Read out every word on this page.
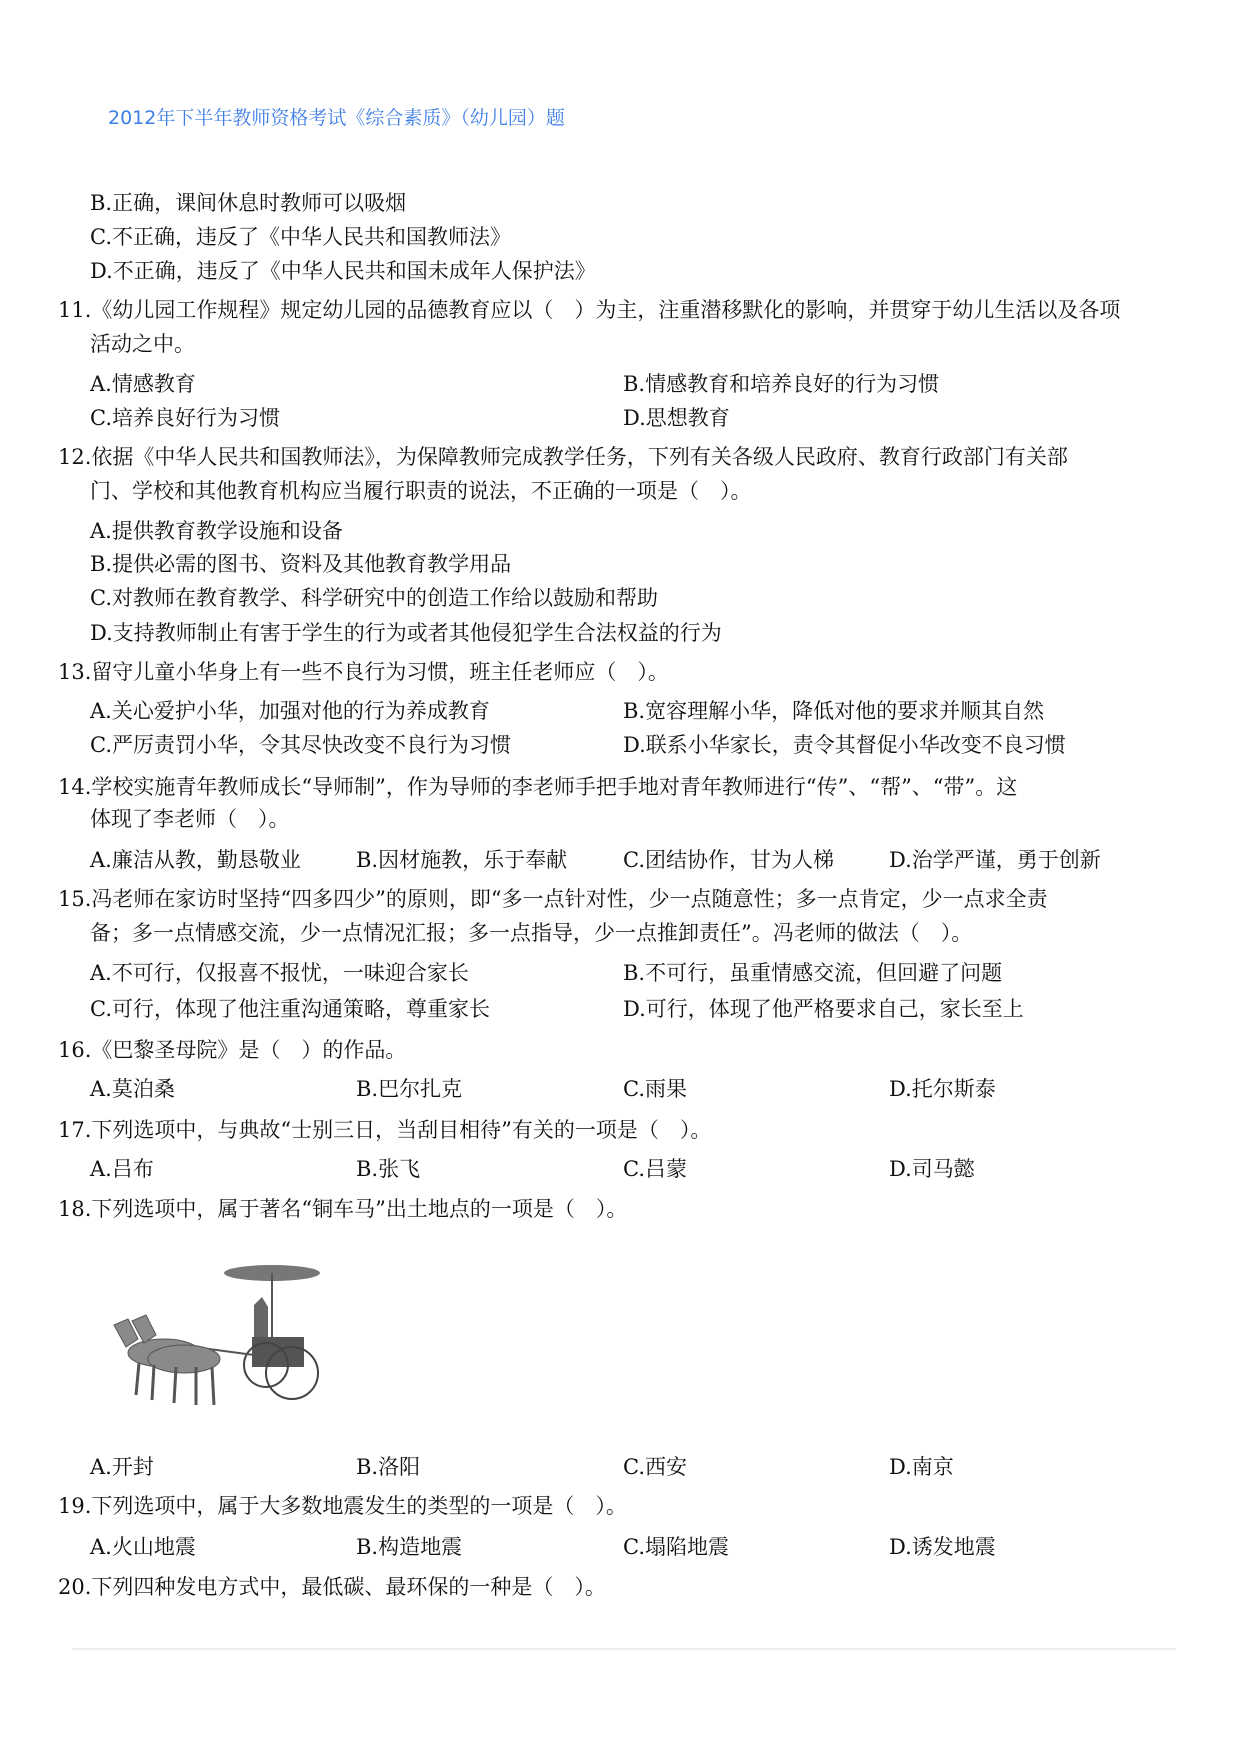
2012年下半年教师资格考试《综合素质》（幼儿园）题
B.正确，课间休息时教师可以吸烟
C.不正确，违反了《中华人民共和国教师法》
D.不正确，违反了《中华人民共和国未成年人保护法》
11.《幼儿园工作规程》规定幼儿园的品德教育应以（　）为主，注重潜移默化的影响，并贯穿于幼儿生活以及各项
活动之中。
A.情感教育	B.情感教育和培养良好的行为习惯
C.培养良好行为习惯	D.思想教育
12.依据《中华人民共和国教师法》，为保障教师完成教学任务，下列有关各级人民政府、教育行政部门有关部
门、学校和其他教育机构应当履行职责的说法，不正确的一项是（　）。
A.提供教育教学设施和设备
B.提供必需的图书、资料及其他教育教学用品
C.对教师在教育教学、科学研究中的创造工作给以鼓励和帮助
D.支持教师制止有害于学生的行为或者其他侵犯学生合法权益的行为
13.留守儿童小华身上有一些不良行为习惯，班主任老师应（　）。
A.关心爱护小华，加强对他的行为养成教育	B.宽容理解小华，降低对他的要求并顺其自然
C.严厉责罚小华，令其尽快改变不良行为习惯	D.联系小华家长，责令其督促小华改变不良习惯
14.学校实施青年教师成长“导师制”，作为导师的李老师手把手地对青年教师进行“传”、“帮”、“带”。这
体现了李老师（　）。
A.廉洁从教，勤恳敬业	B.因材施教，乐于奉献	C.团结协作，甘为人梯	D.治学严谨，勇于创新
15.冯老师在家访时坚持“四多四少”的原则，即“多一点针对性，少一点随意性；多一点肯定，少一点求全责
备；多一点情感交流，少一点情况汇报；多一点指导，少一点推卸责任”。冯老师的做法（　）。
A.不可行，仅报喜不报忧，一味迎合家长	B.不可行，虽重情感交流，但回避了问题
C.可行，体现了他注重沟通策略，尊重家长	D.可行，体现了他严格要求自己，家长至上
16.《巴黎圣母院》是（　）的作品。
A.莫泊桑	B.巴尔扎克	C.雨果	D.托尔斯泰
17.下列选项中，与典故“士别三日，当刮目相待”有关的一项是（　）。
A.吕布	B.张飞	C.吕蒙	D.司马懿
18.下列选项中，属于著名“铜车马”出土地点的一项是（　）。
A.开封	B.洛阳	C.西安	D.南京
19.下列选项中，属于大多数地震发生的类型的一项是（　）。
A.火山地震	B.构造地震	C.塌陷地震	D.诱发地震
20.下列四种发电方式中，最低碳、最环保的一种是（　）。
